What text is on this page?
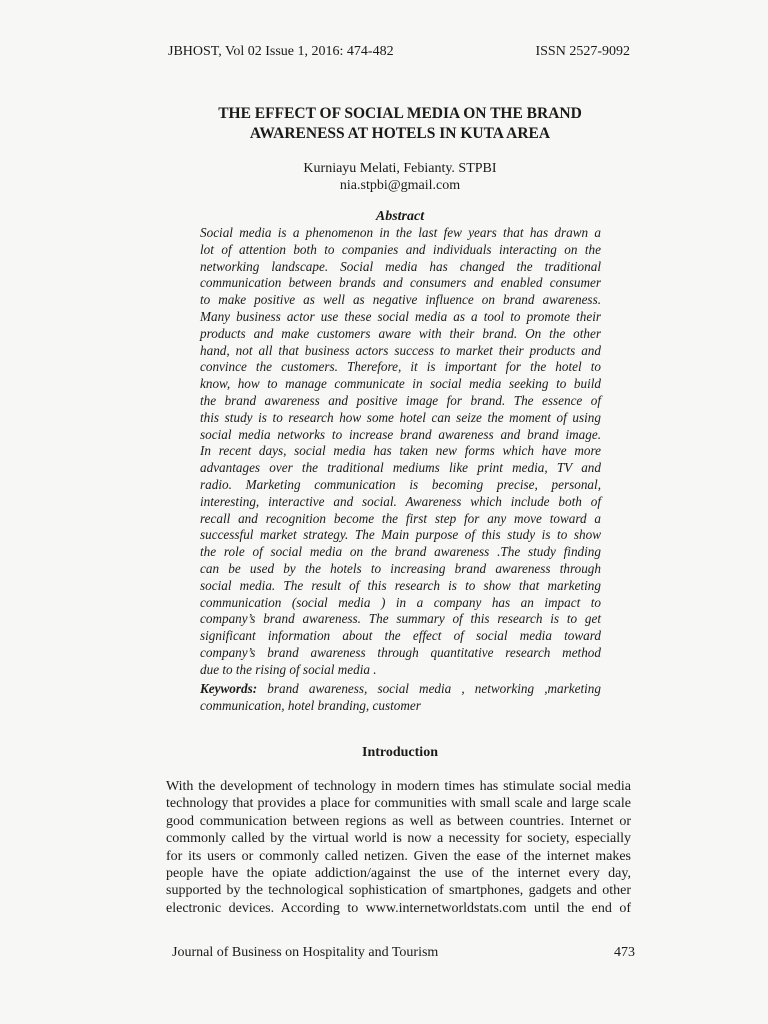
JBHOST, Vol 02 Issue 1, 2016: 474-482	ISSN 2527-9092
THE EFFECT OF SOCIAL MEDIA ON THE BRAND
AWARENESS AT HOTELS IN KUTA AREA
Kurniayu Melati, Febianty. STPBI
nia.stpbi@gmail.com
Abstract
Social media is a phenomenon in the last few years that has drawn a
lot of attention both to companies and individuals interacting on the
networking landscape. Social media has changed the traditional
communication between brands and consumers and enabled consumer
to make positive as well as negative influence on brand awareness.
Many business actor use these social media as a tool to promote their
products and make customers aware with their brand. On the other
hand, not all that business actors success to market their products and
convince the customers. Therefore, it is important for the hotel to
know, how to manage communicate in social media seeking to build
the brand awareness and positive image for brand. The essence of
this study is to research how some hotel can seize the moment of using
social media networks to increase brand awareness and brand image.
In recent days, social media has taken new forms which have more
advantages over the traditional mediums like print media, TV and
radio. Marketing communication is becoming precise, personal,
interesting, interactive and social. Awareness which include both of
recall and recognition become the first step for any move toward a
successful market strategy. The Main purpose of this study is to show
the role of social media on the brand awareness .The study finding
can be used by the hotels to increasing brand awareness through
social media. The result of this research is to show that marketing
communication (social media ) in a company has an impact to
company’s brand awareness. The summary of this research is to get
significant information about the effect of social media toward
company’s brand awareness through quantitative research method
due to the rising of social media .
Keywords: brand awareness, social media , networking ,marketing
communication, hotel branding, customer
Introduction
With the development of technology in modern times has stimulate social media
technology that provides a place for communities with small scale and large scale
good communication between regions as well as between countries. Internet or
commonly called by the virtual world is now a necessity for society, especially
for its users or commonly called netizen. Given the ease of the internet makes
people have the opiate addiction/against the use of the internet every day,
supported by the technological sophistication of smartphones, gadgets and other
electronic devices. According to www.internetworldstats.com until the end of
Journal of Business on Hospitality and Tourism	473
